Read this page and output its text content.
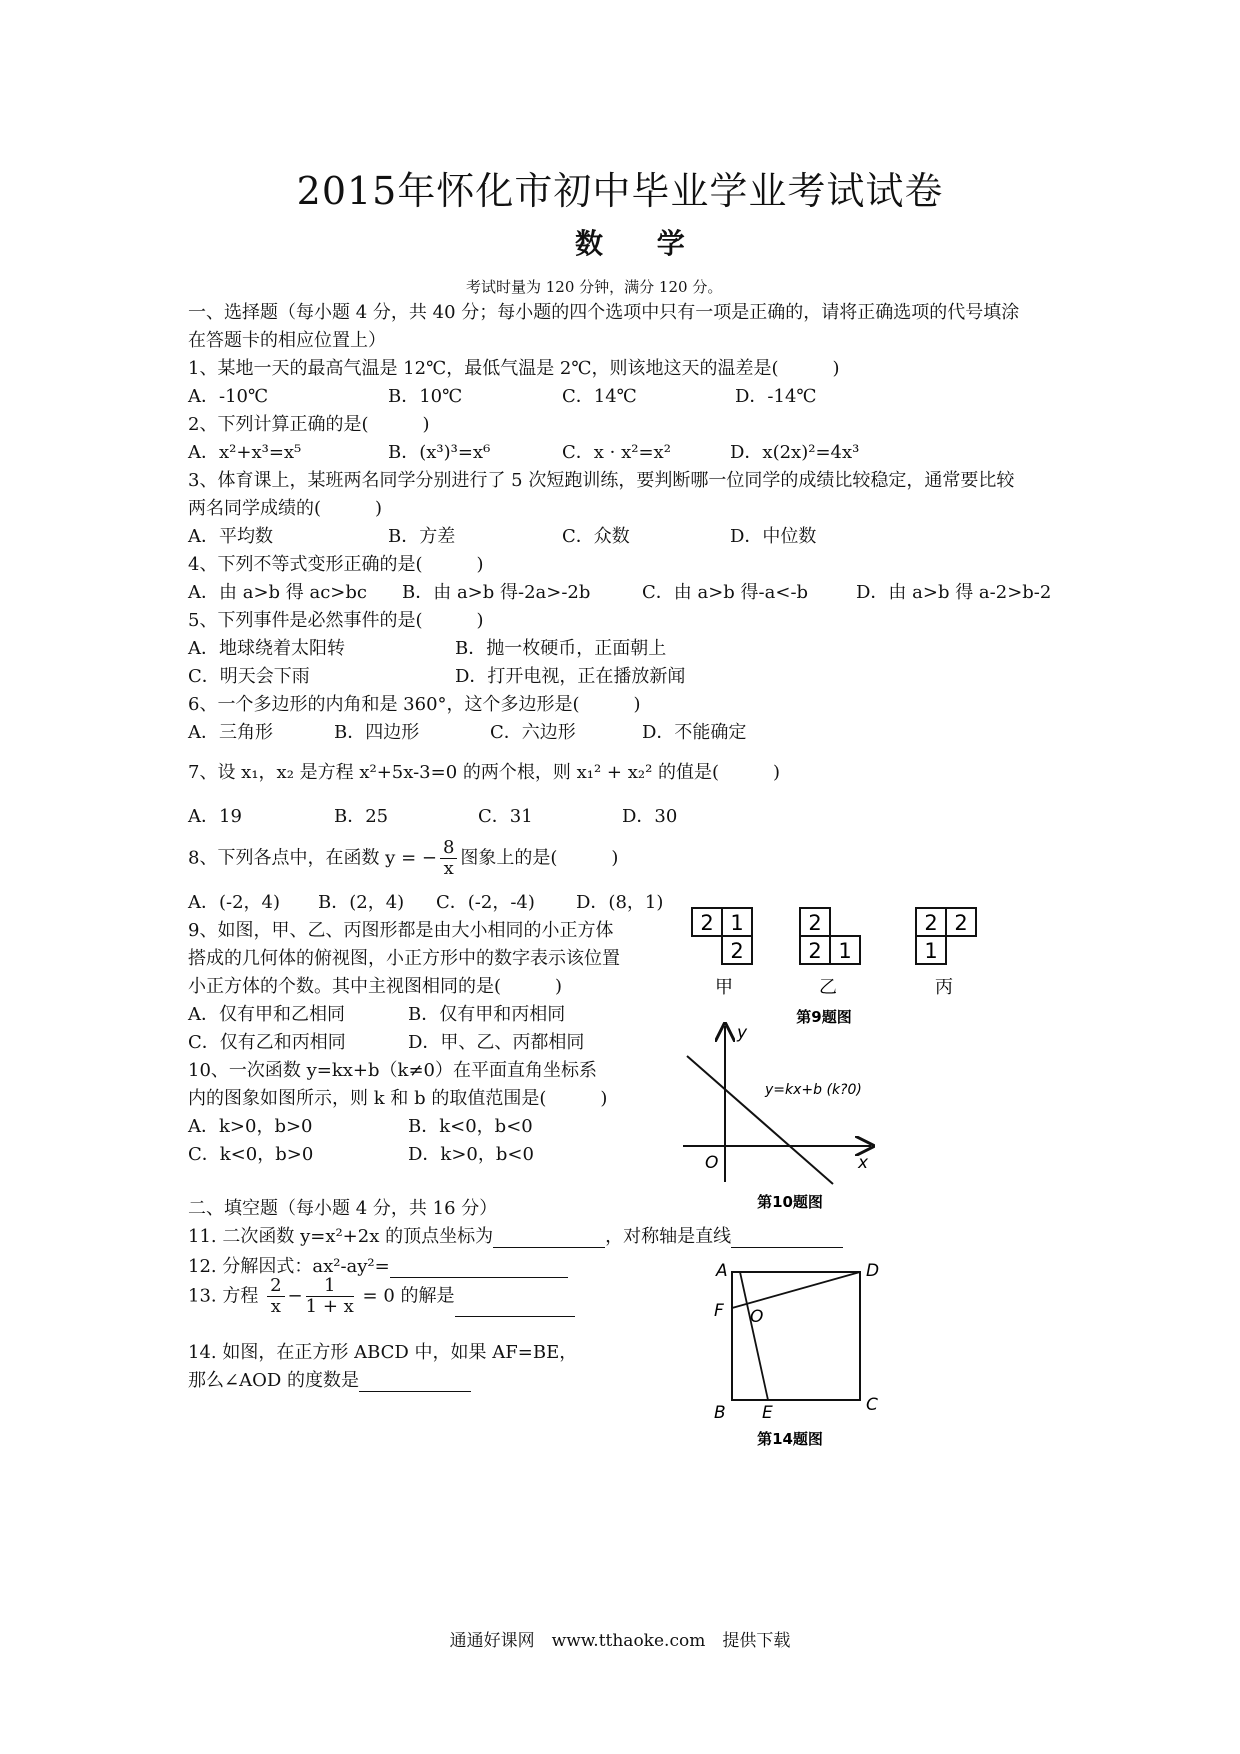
2015年怀化市初中毕业学业考试试卷
数 学
考试时量为 120 分钟，满分 120 分。
一、选择题（每小题 4 分，共 40 分；每小题的四个选项中只有一项是正确的，请将正确选项的代号填涂
在答题卡的相应位置上）
1、某地一天的最高气温是 12℃，最低气温是 2℃，则该地这天的温差是(　　　)
A．-10℃	B．10℃	C．14℃	D．-14℃
2、下列计算正确的是(　　　)
A．x²+x³=x⁵	B．(x³)³=x⁶	C．x · x²=x²	D．x(2x)²=4x³
3、体育课上，某班两名同学分别进行了 5 次短跑训练，要判断哪一位同学的成绩比较稳定，通常要比较
两名同学成绩的(　　　)
A．平均数	B．方差	C．众数	D．中位数
4、下列不等式变形正确的是(　　　)
A．由 a>b 得 ac>bc B．由 a>b 得-2a>-2b	C．由 a>b 得-a<-b	D．由 a>b 得 a-2>b-2
5、下列事件是必然事件的是(　　　)
A．地球绕着太阳转	B．抛一枚硬币，正面朝上
C．明天会下雨	D．打开电视，正在播放新闻
6、一个多边形的内角和是 360°，这个多边形是(　　　)
A．三角形	B．四边形	C．六边形	D．不能确定
7、设 x₁，x₂ 是方程 x²+5x-3=0 的两个根，则 x₁² + x₂² 的值是(　　　)
A．19	B．25	C．31	D．30
8、下列各点中，在函数 y = − $\frac{8}{x}$ 图象上的是(　　　)
A．(-2，4) B．(2，4) C．(-2，-4) D．(8，1)
9、如图，甲、乙、丙图形都是由大小相同的小正方体
搭成的几何体的俯视图，小正方形中的数字表示该位置
小正方体的个数。其中主视图相同的是(　　　)
A．仅有甲和乙相同	B．仅有甲和丙相同
C．仅有乙和丙相同	D．甲、乙、丙都相同
10、一次函数 y=kx+b（k≠0）在平面直角坐标系
内的图象如图所示，则 k 和 b 的取值范围是(　　　)
A．k>0，b>0	B．k<0，b<0
C．k<0，b>0	D．k>0，b<0
二、填空题（每小题 4 分，共 16 分）
11. 二次函数 y=x²+2x 的顶点坐标为	，对称轴是直线
12. 分解因式：ax²-ay²=
13. 方程 $\frac{2}{x} - \frac{1}{1 + x} = 0$ 的解是
14. 如图，在正方形 ABCD 中，如果 AF=BE，
那么∠AOD 的度数是
2 1
2
甲
2
2 1
乙
2 2
1
丙
第9题图
y
x
O
y=kx+b (k?0)
第10题图
A	D
B	C
E
F O
第14题图
通通好课网　www.tthaoke.com　提供下载
